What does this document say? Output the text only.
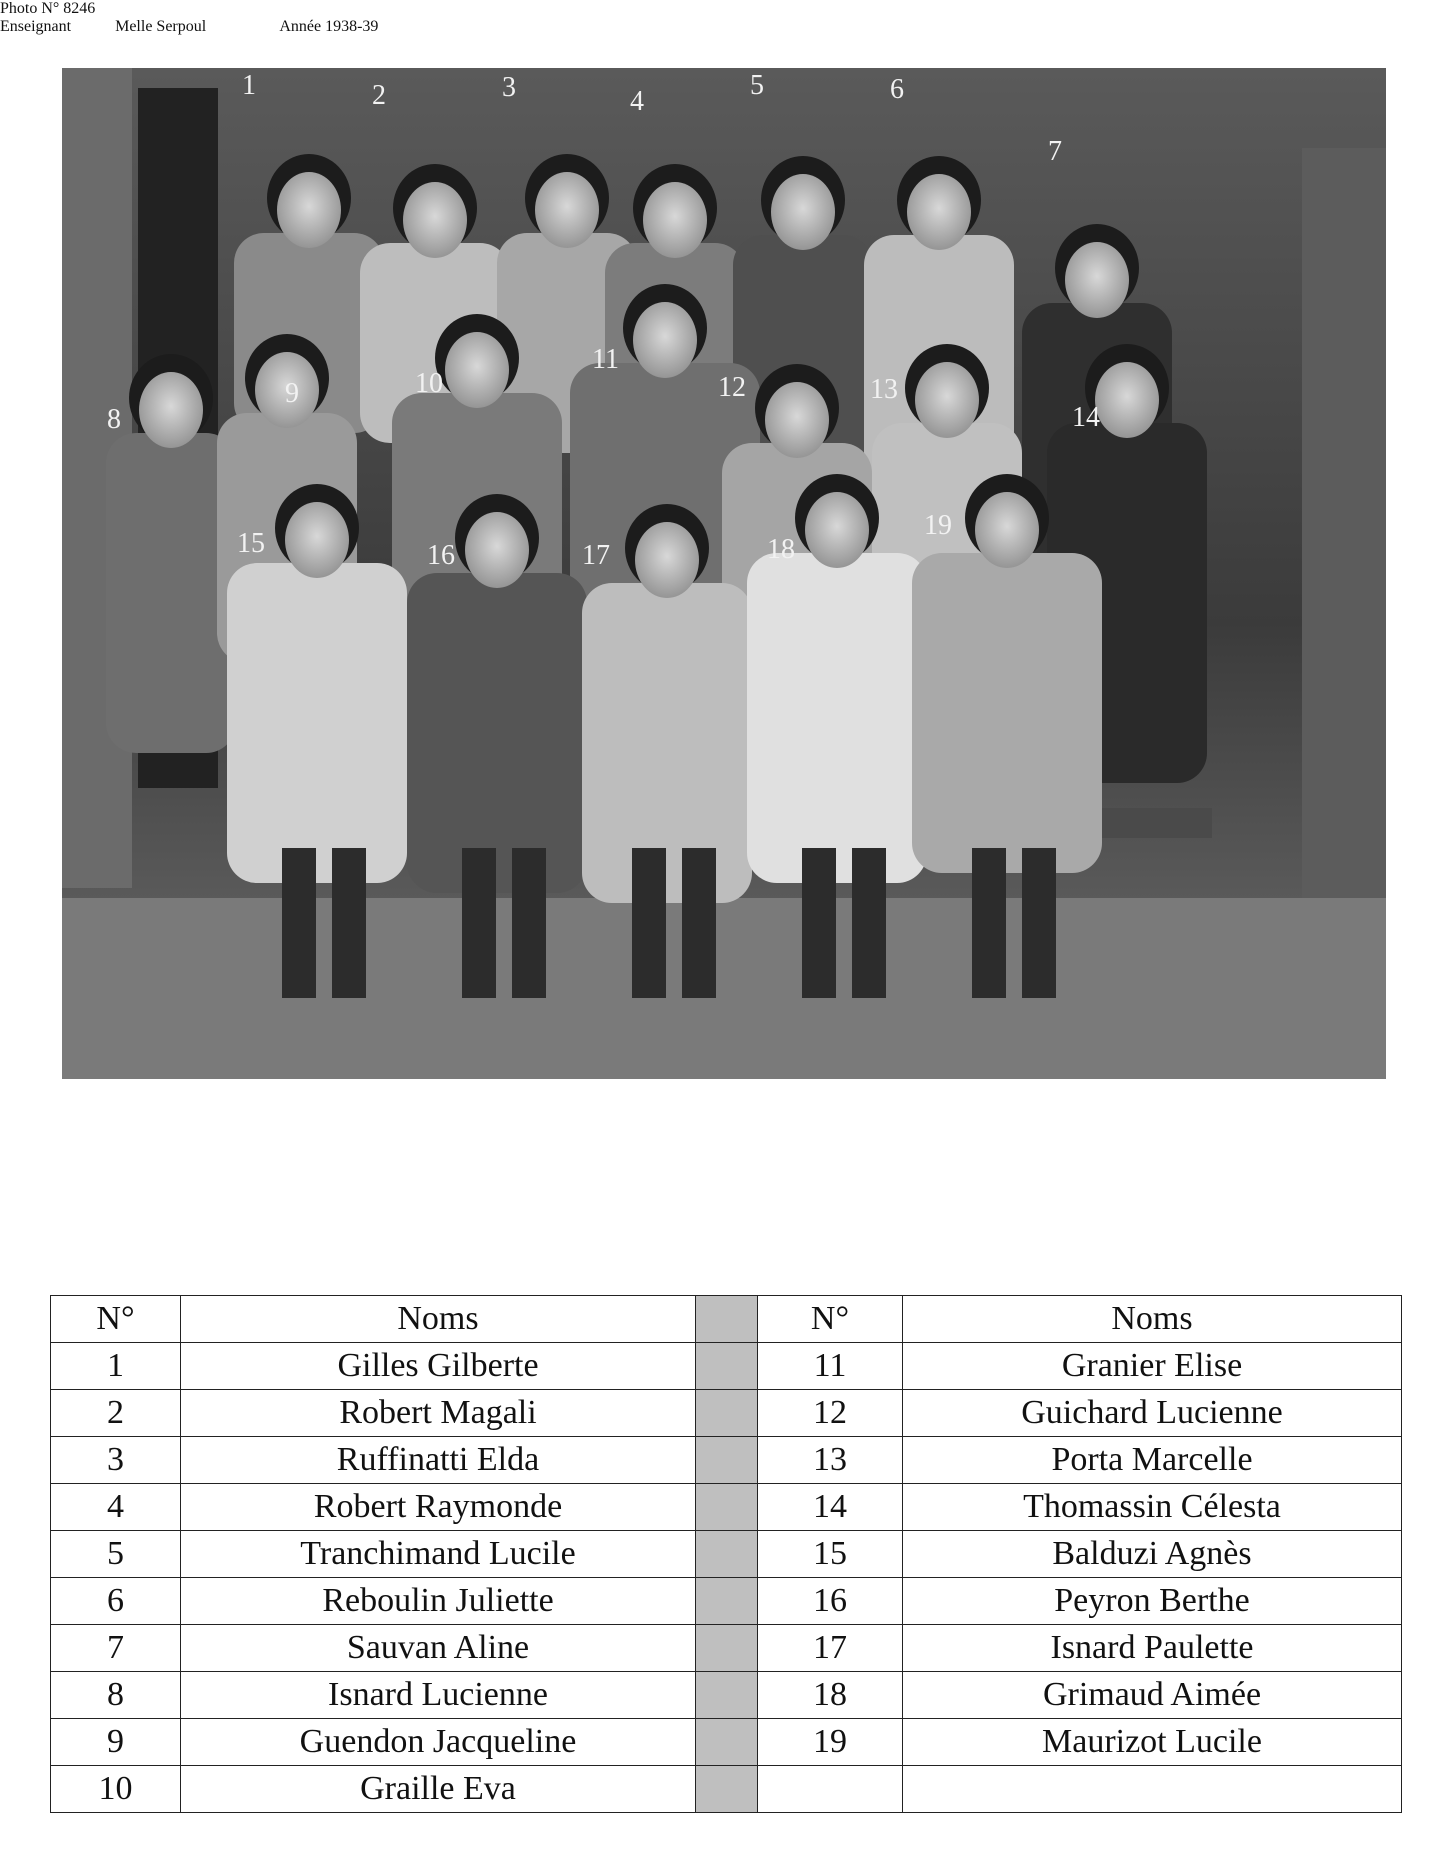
1	2	3	4
5	6
7
8
9	10
11
12	13
14
15	16	17	18
19
Photo N° 8246
Enseignant	Melle Serpoul	Année 1938-39
N°	Noms		N°	Noms
1	Gilles Gilberte		11	Granier Elise
2	Robert Magali		12	Guichard Lucienne
3	Ruffinatti Elda		13	Porta Marcelle
4	Robert Raymonde		14	Thomassin Célesta
5	Tranchimand Lucile		15	Balduzi Agnès
6	Reboulin Juliette		16	Peyron Berthe
7	Sauvan Aline		17	Isnard Paulette
8	Isnard Lucienne		18	Grimaud Aimée
9	Guendon Jacqueline		19	Maurizot Lucile
10	Graille Eva			
